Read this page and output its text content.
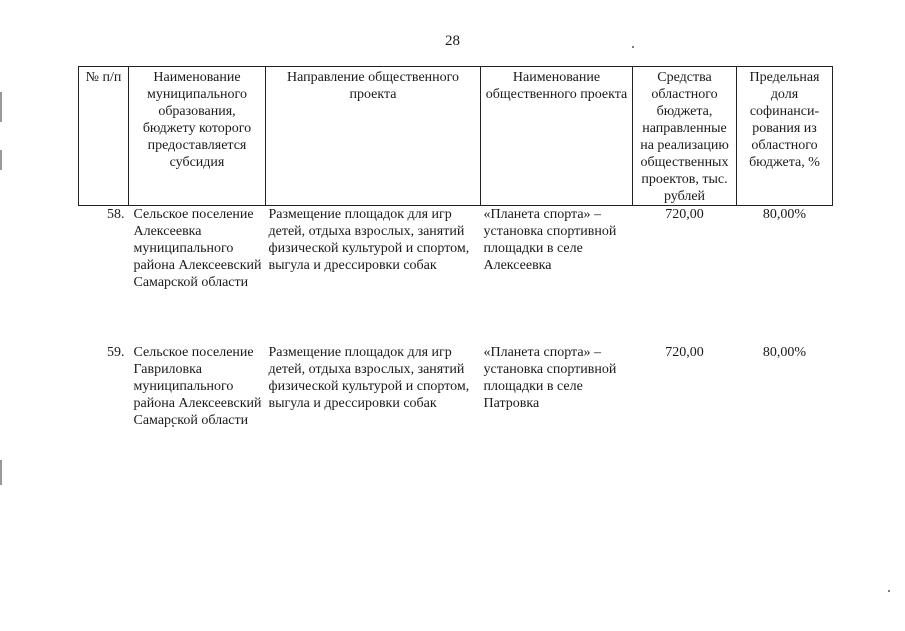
28
№ п/п	Наименование муниципального образования, бюджету которого предоставляется субсидия	Направление общественного проекта	Наименование общественного проекта	Средства областного бюджета, направленные на реализацию общественных проектов, тыс. рублей	Предельная доля софинанси-рования из областного бюджета, %
58.	Сельское поселение Алексеевка муниципального района Алексеевский Самарской области	Размещение площадок для игр детей, отдыха взрослых, занятий физической культурой и спортом, выгула и дрессировки собак	«Планета спорта» – установка спортивной площадки в селе Алексеевка	720,00	80,00%
59.	Сельское поселение Гавриловка муниципального района Алексеевский Самарской области	Размещение площадок для игр детей, отдыха взрослых, занятий физической культурой и спортом, выгула и дрессировки собак	«Планета спорта» – установка спортивной площадки в селе Патровка	720,00	80,00%
